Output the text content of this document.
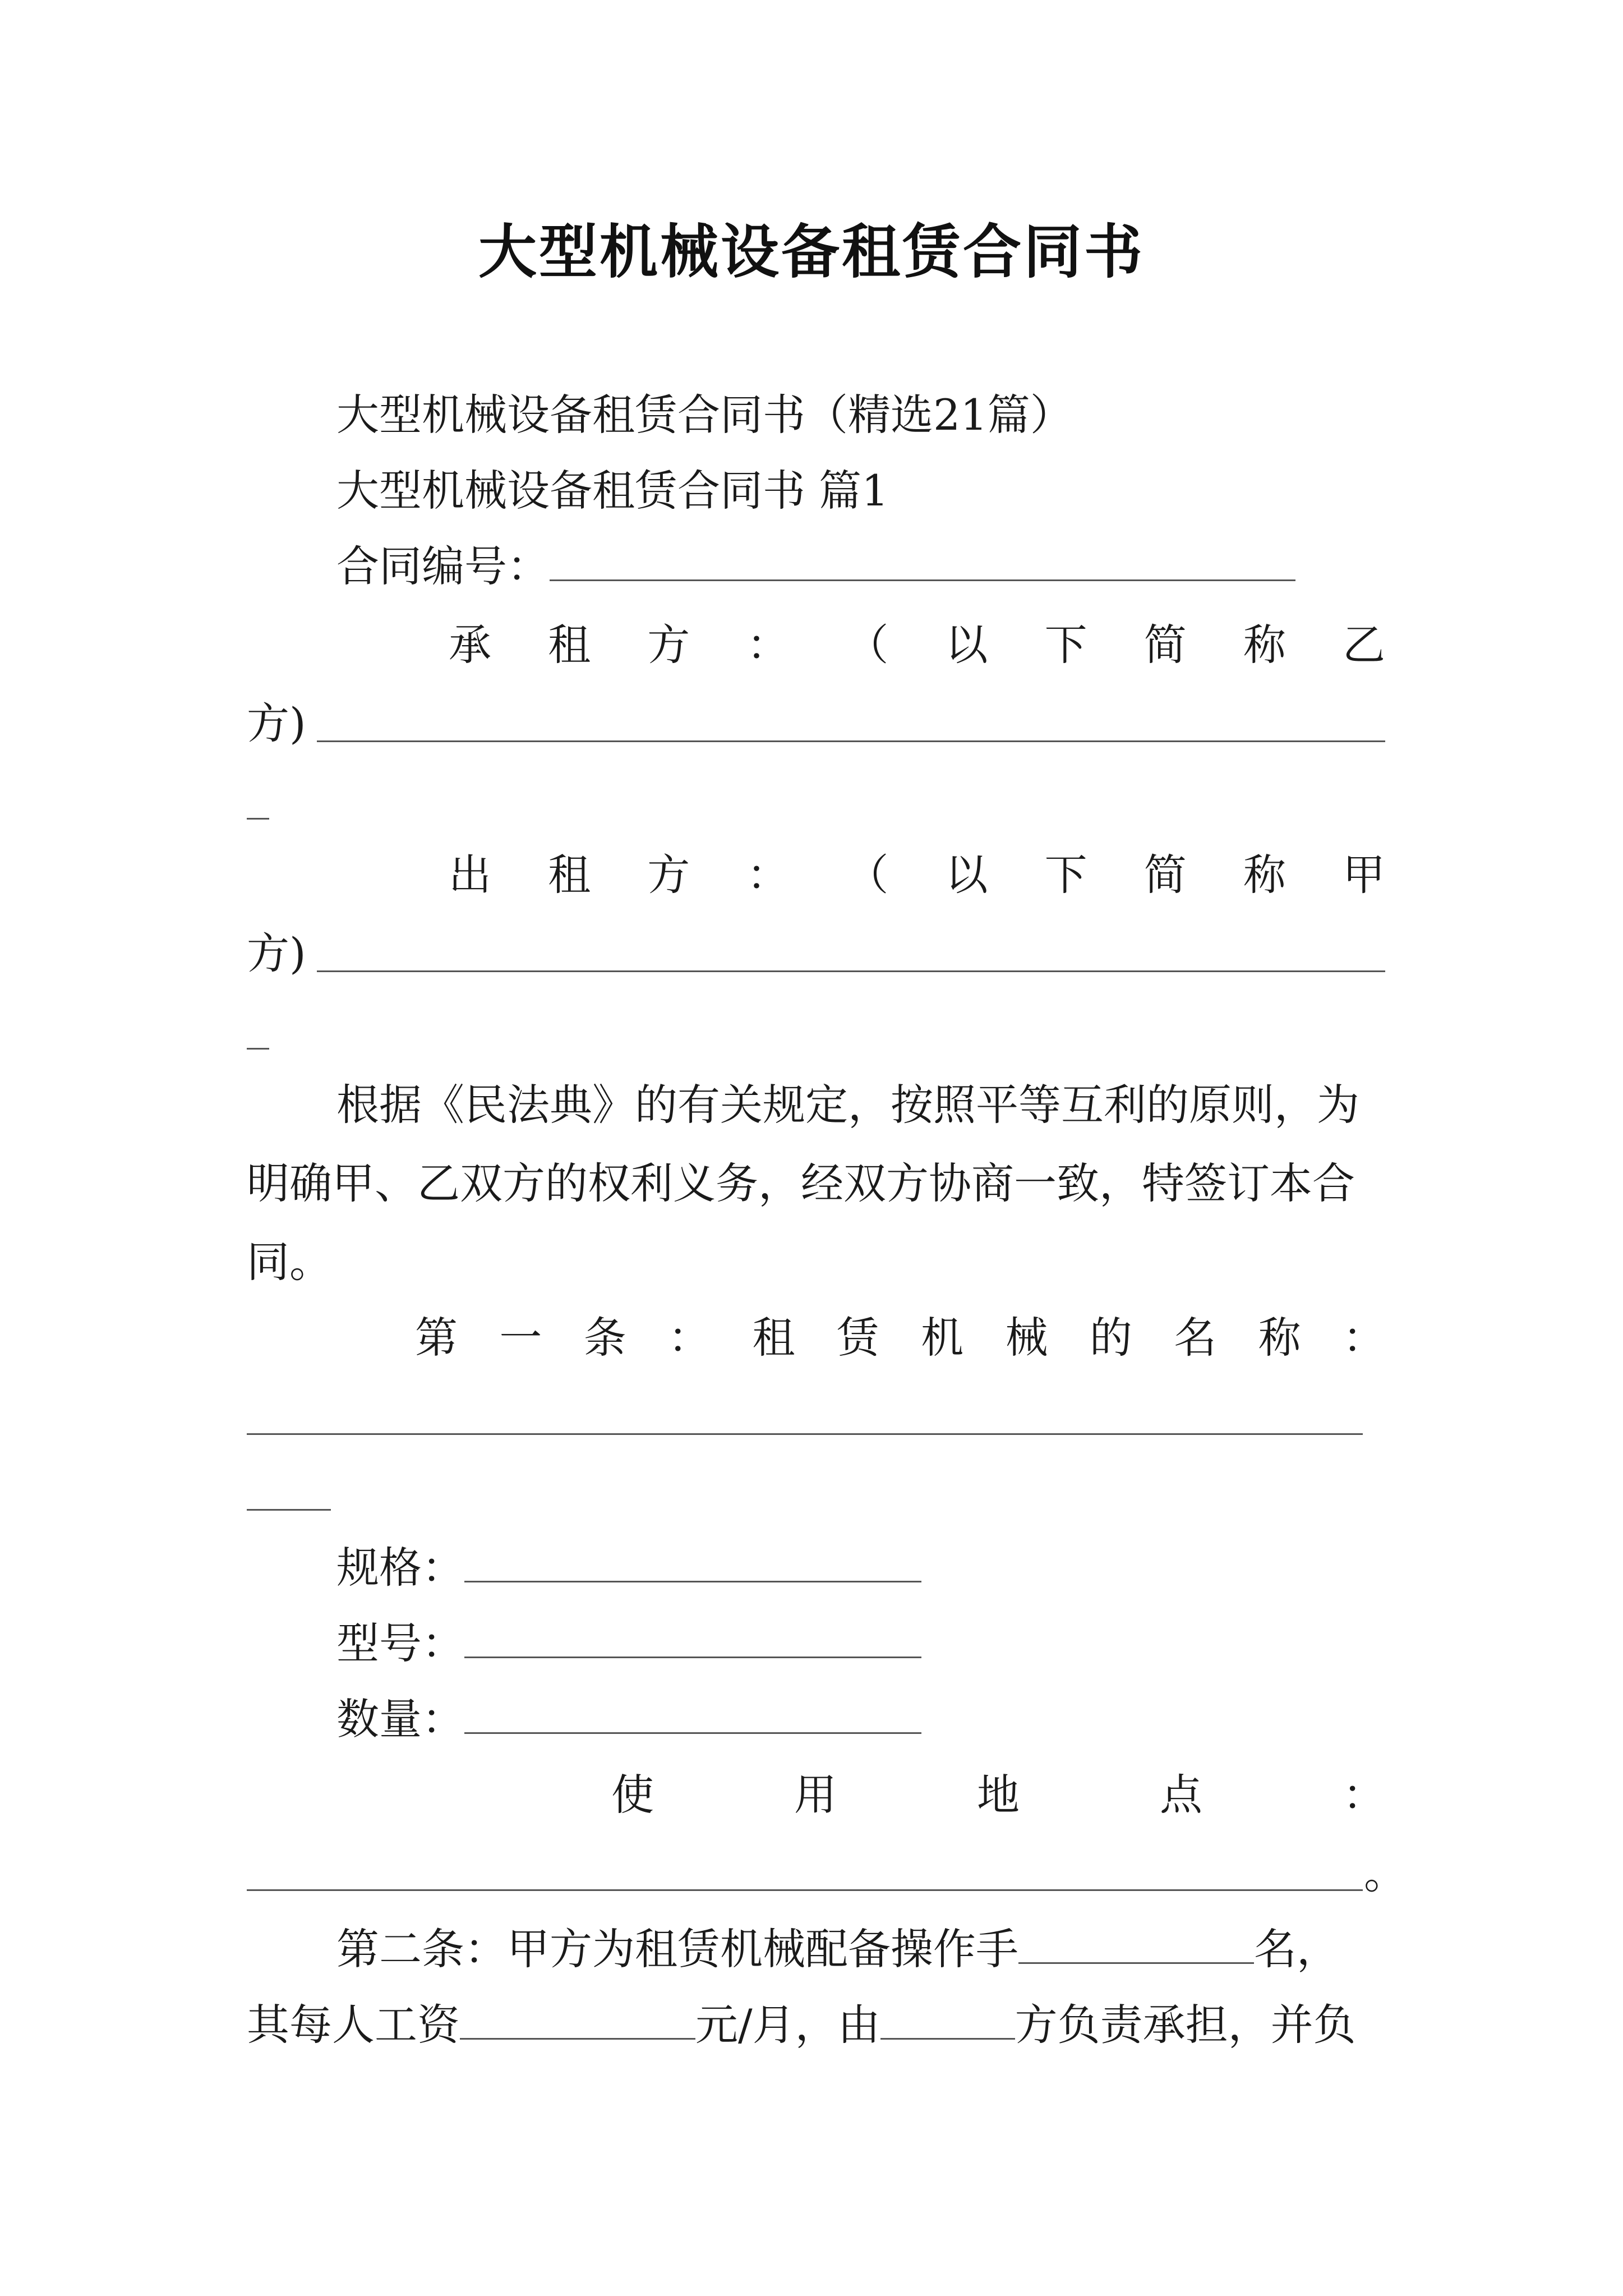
大型机械设备租赁合同书
大型机械设备租赁合同书（精选21篇）
大型机械设备租赁合同书 篇1
合同编号：
承 租 方 ： （ 以 下 简 称 乙
方)
出 租 方 ： （ 以 下 简 称 甲
方)
根据《民法典》的有关规定，按照平等互利的原则，为
明确甲、乙双方的权利义务，经双方协商一致，特签订本合
同。
第 一 条 ： 租 赁 机 械 的 名 称 ：
规格：
型号：
数量：
使	用	地	点	：
。
第二条：甲方为租赁机械配备操作手	名，
其每人工资	元/月，由	方负责承担，并负
